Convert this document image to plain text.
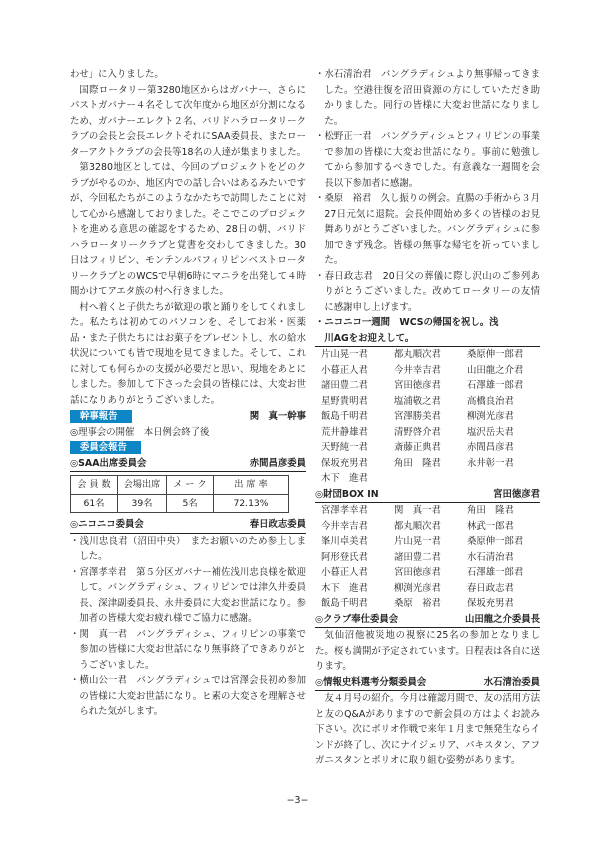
わせ」に入りました。

国際ロータリー第3280地区からはガバナー、さらにパストガバナー４名そして次年度から地区が分割になるため、ガバナーエレクト２名、バリドハラロータリークラブの会長と会長エレクトそれにSAA委員長、またローターアクトクラブの会長等18名の人達が集まりました。

第3280地区としては、今回のプロジェクトをどのクラブがやるのか、地区内での話し合いはあるみたいですが、今回私たちがこのようなかたちで訪問したことに対して心から感謝しておりました。そこでこのプロジェクトを進める意思の確認をするため、28日の朝、バリドハラロータリークラブと覚書を交わしてきました。30日はフィリピン、モンテンルパフィリピンベストロータリークラブとのWCSで早朝6時にマニラを出発して４時間かけてアエタ族の村へ行きました。

村へ着くと子供たちが歓迎の歌と踊りをしてくれました。私たちは初めてのパソコンを、そしてお米・医薬品・また子供たちにはお菓子をプレゼントし、水の給水状況についても皆で現地を見てきました。そして、これに対しても何らかの支援が必要だと思い、現地をあとにしました。参加して下さった会員の皆様には、大変お世話になりありがとうございました。

幹事報告	関　真一幹事

◎理事会の開催　本日例会終了後

委員会報告
◎SAA出席委員会	赤間昌彦委員
会 員 数	会場出席	メ ー ク	出 席 率
61名	39名	5名	72.13%
◎ニコニコ委員会	春日政志委員

・浅川忠良君（沼田中央）　またお願いのため参上しました。

・宮澤孝幸君　第５分区ガバナー補佐浅川忠良様を歓迎して。バングラディシュ、フィリピンでは津久井委員長、深津副委員長、永井委員に大変お世話になり。参加者の皆様大変お疲れ様でご協力に感謝。

・関　真一君　バングラディシュ、フィリピンの事業で参加の皆様に大変お世話になり無事終了できありがとうございました。

・横山公一君　バングラディシュでは宮澤会長初め参加の皆様に大変お世話になり。ヒ素の大変さを理解させられた気がします。

・水石清治君　バングラディシュより無事帰ってきました。空港往復を沼田資源の方にしていただき助かりました。同行の皆様に大変お世話になりました。

・松野正一君　バングラディシュとフィリピンの事業で参加の皆様に大変お世話になり。事前に勉強してから参加するべきでした。有意義な一週間を会長以下参加者に感謝。

・桑原　裕君　久し振りの例会。直腸の手術から３月27日元気に退院。会長仲間始め多くの皆様のお見舞ありがとうございました。バングラディシュに参加できず残念。皆様の無事な帰宅を祈っていました。

・春日政志君　20日父の葬儀に際し沢山のご参列ありがとうございました。改めてロータリーの友情に感謝申し上げます。

・ニコニコ一週間　WCSの帰国を祝し。浅
川AGをお迎えして。
片山晃一君	都丸順次君	桑原伸一郎君
小暮正人君	今井幸吉君	山田龍之介君
諸田豊二君	宮田徳彦君	石澤雄一郎君
星野貴明君	塩浦敬之君	高橋良治君
飯島千明君	宮澤勝美君	柳渕光彦君
荒井静雄君	清野啓介君	塩沢岳夫君
天野純一君	斎藤正典君	赤間昌彦君
保坂充男君	角田　隆君	永井彰一君
木下　進君
◎財団BOX IN	宮田徳彦君
宮澤孝幸君	関　真一君	角田　隆君
今井幸吉君	都丸順次君	林武一郎君
峯川卓美君	片山晃一君	桑原伸一郎君
阿形登氏君	諸田豊二君	水石清治君
小暮正人君	宮田徳彦君	石澤雄一郎君
木下　進君	柳渕光彦君	春日政志君
飯島千明君	桑原　裕君	保坂充男君
◎クラブ奉仕委員会	山田龍之介委員長

気仙沼他被災地の視察に25名の参加となりました。桜も満開が予定されています。日程表は各自に送ります。

◎情報史料選考分類委員会	水石清治委員

友４月号の紹介。今月は確認月間で、友の活用方法と友のQ&Aがありますので新会員の方はよくお読み下さい。次にポリオ作戦で来年１月まで無発生ならインドが終了し、次にナイジェリア、パキスタン、アフガニスタンとポリオに取り組む姿勢があります。

−3−
